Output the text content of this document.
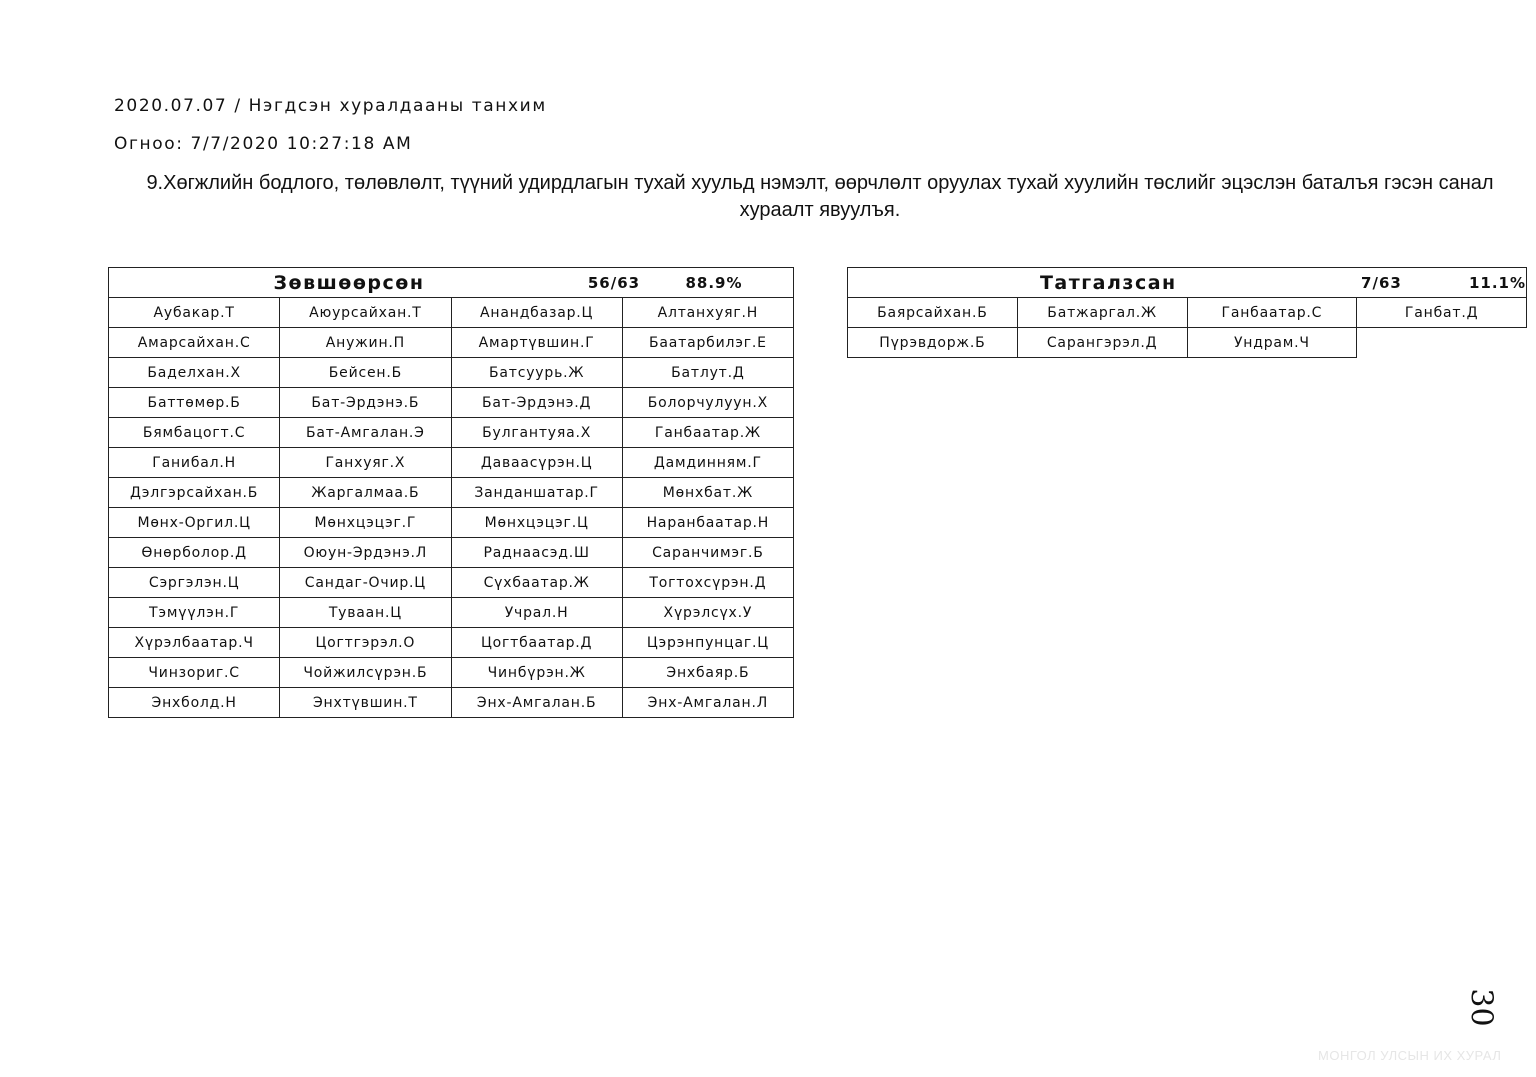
2020.07.07 / Нэгдсэн хуралдааны танхим
Огноо: 7/7/2020 10:27:18 AM
9.Хөгжлийн бодлого, төлөвлөлт, түүний удирдлагын тухай хуульд нэмэлт, өөрчлөлт оруулах тухай хуулийн төслийг эцэслэн баталъя гэсэн санал хураалт явуулъя.
Зөвшөөрсөн 56/63 88.9%			

Аубакар.Т	Аюурсайхан.Т	Анандбазар.Ц	Алтанхуяг.Н
Амарсайхан.С	Анужин.П	Амартүвшин.Г	Баатарбилэг.Е
Баделхан.Х	Бейсен.Б	Батсуурь.Ж	Батлут.Д
Баттөмөр.Б	Бат-Эрдэнэ.Б	Бат-Эрдэнэ.Д	Болорчулуун.Х
Бямбацогт.С	Бат-Амгалан.Э	Булгантуяа.Х	Ганбаатар.Ж
Ганибал.Н	Ганхуяг.Х	Даваасүрэн.Ц	Дамдинням.Г
Дэлгэрсайхан.Б	Жаргалмаа.Б	Занданшатар.Г	Мөнхбат.Ж
Мөнх-Оргил.Ц	Мөнхцэцэг.Г	Мөнхцэцэг.Ц	Наранбаатар.Н
Өнөрболор.Д	Оюун-Эрдэнэ.Л	Раднаасэд.Ш	Саранчимэг.Б
Сэргэлэн.Ц	Сандаг-Очир.Ц	Сүхбаатар.Ж	Тогтохсүрэн.Д
Тэмүүлэн.Г	Туваан.Ц	Учрал.Н	Хүрэлсүх.У
Хүрэлбаатар.Ч	Цогтгэрэл.О	Цогтбаатар.Д	Цэрэнпунцаг.Ц
Чинзориг.С	Чойжилсүрэн.Б	Чинбүрэн.Ж	Энхбаяр.Б
Энхболд.Н	Энхтүвшин.Т	Энх-Амгалан.Б	Энх-Амгалан.Л
Татгалзсан 7/63 11.1%			

Баярсайхан.Б	Батжаргал.Ж	Ганбаатар.С	Ганбат.Д
Пүрэвдорж.Б	Сарангэрэл.Д	Ундрам.Ч	
30
МОНГОЛ УЛСЫН ИХ ХУРАЛ
